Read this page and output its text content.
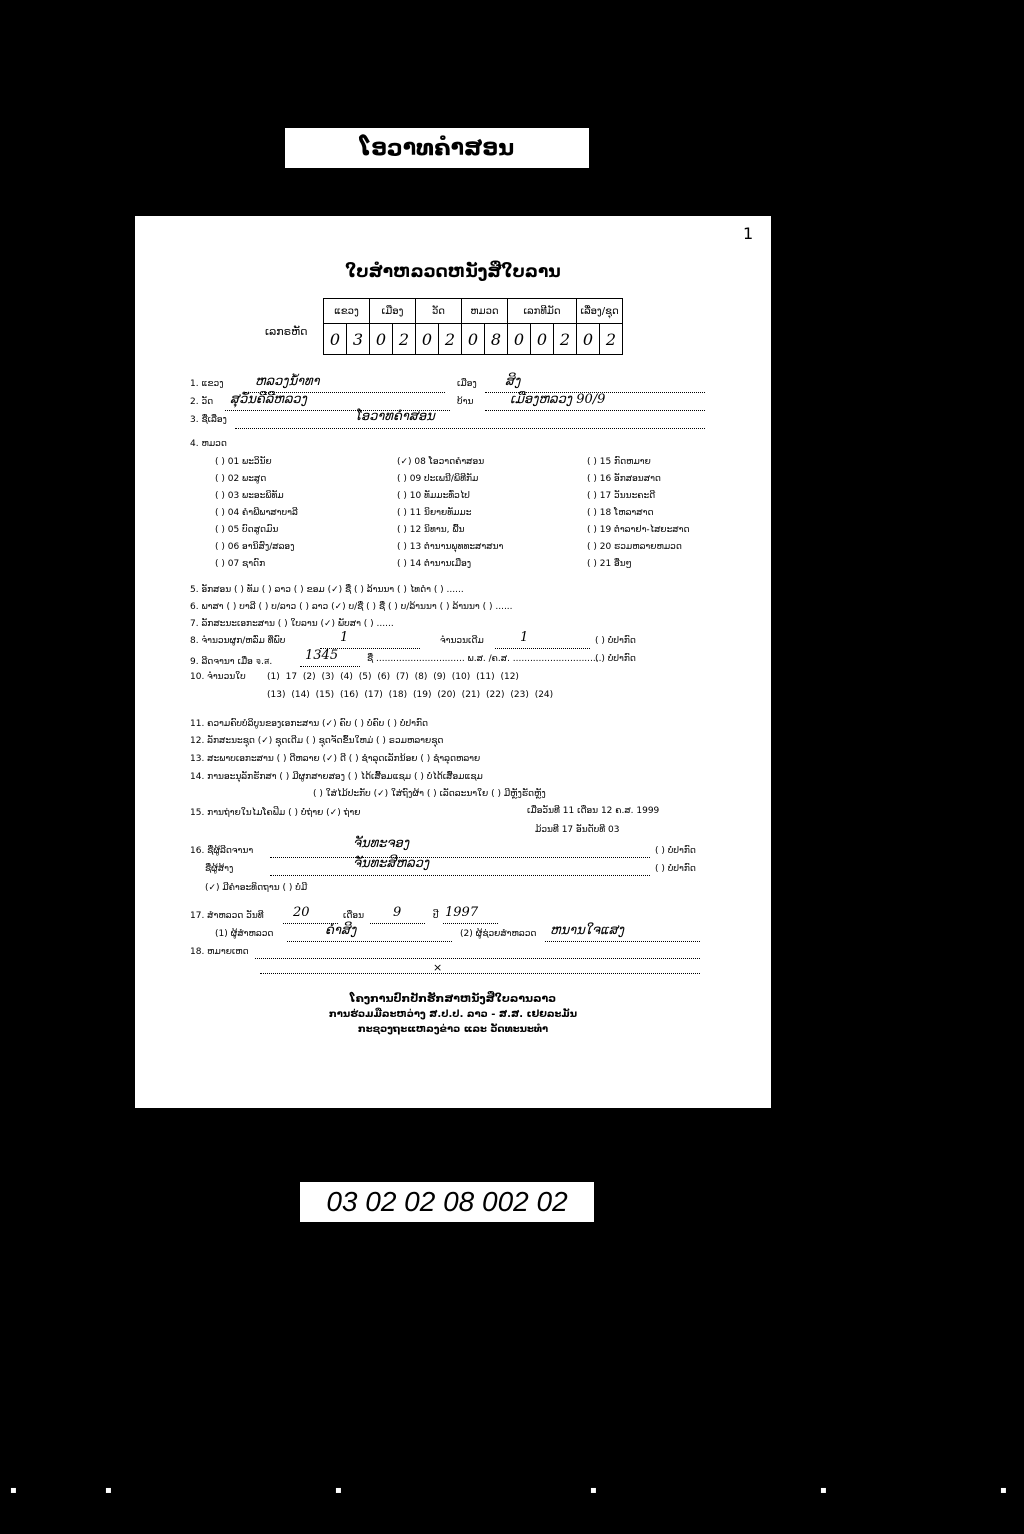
ໂອວາທຄຳສອນ
1
ໃບສຳຫລວດຫນັງສືໃບລານ
ເລກຣຫັດ
ແຂວງ		ເມືອງ		ວັດ		ຫມວດ		ເລກທີມັດ			ເລື່ອງ/ຊຸດ	
0	3	0	2	0	2	0	8	0	0	2	0	2
1. ແຂວງ ຫລວງນ້ຳທາ	ເມືອງ ສິງ
2. ວັດ ສຸວັນຄີລີຫລວງ	ບ້ານ	ເມືອງຫລວງ 90/9
3. ຊື່ເລື່ອງ	ໂອວາທຄຳສອນ
4. ຫມວດ
( ) 01 ພະວິນັຍ	(✓) 08 ໂອວາດຄຳສອນ	( ) 15 ກົດຫມາຍ
( ) 02 ພະສູດ	( ) 09 ປະເພນີ/ພິທີກັມ	( ) 16 ອັກສອນສາດ
( ) 03 ພະອະພິທັມ	( ) 10 ທັມມະທົ່ວໄປ	( ) 17 ວັນນະຄະດີ
( ) 04 ຄຳພີພາສາບາລີ	( ) 11 ນິຍາຍທັມມະ	( ) 18 ໂຫລາສາດ
( ) 05 ບົດສູດມົນ	( ) 12 ນິທານ, ພື້ນ	( ) 19 ຕຳລາຢາ-ໄສຍະສາດ
( ) 06 ອານິສົງ/ສລອງ	( ) 13 ຕຳນານພຸທທະສາສນາ	( ) 20 ຮວມຫລາຍຫມວດ
( ) 07 ຊາດົກ	( ) 14 ຕຳນານເມືອງ	( ) 21 ອື່ນໆ
5. ອັກສອນ ( ) ທັມ ( ) ລາວ ( ) ຂອມ (✓) ຊື່ ( ) ລ້ານນາ ( ) ໄທດຳ ( ) ......
6. ພາສາ ( ) ບາລີ ( ) ບ/ລາວ ( ) ລາວ (✓) ບ/ຊື່ ( ) ຊື່ ( ) ບ/ລ້ານນາ ( ) ລ້ານນາ ( ) ......
7. ລັກສະນະເອກະສານ ( ) ໃບລານ (✓) ພັບສາ ( ) ......
8. ຈຳນວນຜູກ/ຫລົ່ມ ທີ່ພົບ	1	ຈຳນວນເດີມ	1	( ) ບໍ່ປາກົດ
9. ລີດຈານາ ເມື່ອ จ.ส.	1345	ຊື່ ............................... ພ.ສ. /ຄ.ສ. ...............................
( ) ບໍ່ປາກົດ
10. ຈຳນວນໃບ (1) 17 (2) (3) (4) (5) (6) (7) (8) (9) (10) (11) (12)
(13) (14) (15) (16) (17) (18) (19) (20) (21) (22) (23) (24)
11. ຄວາມຄົບບໍລິບູນຂອງເອກະສານ (✓) ຄົບ ( ) ບໍ່ຄົບ ( ) ບໍ່ປາກົດ
12. ລັກສະນະຊຸດ (✓) ຊຸດເດີມ ( ) ຊຸດຈັດຂຶ້ນໃຫມ່ ( ) ຣວມຫລາຍຊຸດ
13. ສະພາບເອກະສານ ( ) ດີຫລາຍ (✓) ດີ ( ) ຊຳລຸດເລັກນ້ອຍ ( ) ຊຳລຸດຫລາຍ
14. ການອະນຸລັກຮັກສາ ( ) ມີຜູກສາຍສອງ ( ) ໄດ້ເສື້ອມແຊມ ( ) ບໍ່ໄດ້ເສື້ອມແຊມ
( ) ໃສ່ໄມ້ປະກັບ (✓) ໃສ່ຖົງຜ້າ ( ) ເລັດລະນາໃຍ ( ) ມີຫຼັງຮັດຫຼັງ
15. ການຖ່າຍໃນໄມໂຄຟິມ ( ) ບໍ່ຖ່າຍ (✓) ຖ່າຍ	ເມື່ອວັນທີ 11 ເດືອນ 12 ຄ.ສ. 1999
ມ້ວນທີ 17 ອັນດັບທີ 03
16. ຊື່ຜູ້ລີດຈານາ	ຈັນທະຈອງ	( ) ບໍ່ປາກົດ
ຊື່ຜູ້ສ້າງ	ຈັນທະສີຫລວງ	( ) ບໍ່ປາກົດ
(✓) ມີຄຳອະທິດຖານ ( ) ບໍ່ມີ
17. ສຳຫລວດ ວັນທີ 20	ເດືອນ 9	ປີ 1997
(1) ຜູ້ສຳຫລວດ	ຄຳສິງ	(2) ຜູ້ຊ່ວຍສຳຫລວດ ຫນານໃຈແສງ
18. ຫມາຍເຫດ
×
ໂຄງການປົກປັກຮັກສາຫນັງສືໃບລານລາວ
ການຮ່ວມມືລະຫວ່າງ ສ.ປ.ປ. ລາວ - ສ.ສ. ເຢຍລະມັນ
ກະຊວງຖະແຫລງຂ່າວ ແລະ ວັດທະນະທຳ
03 02 02 08 002 02
▪	▪	▪	▪	▪	▪
